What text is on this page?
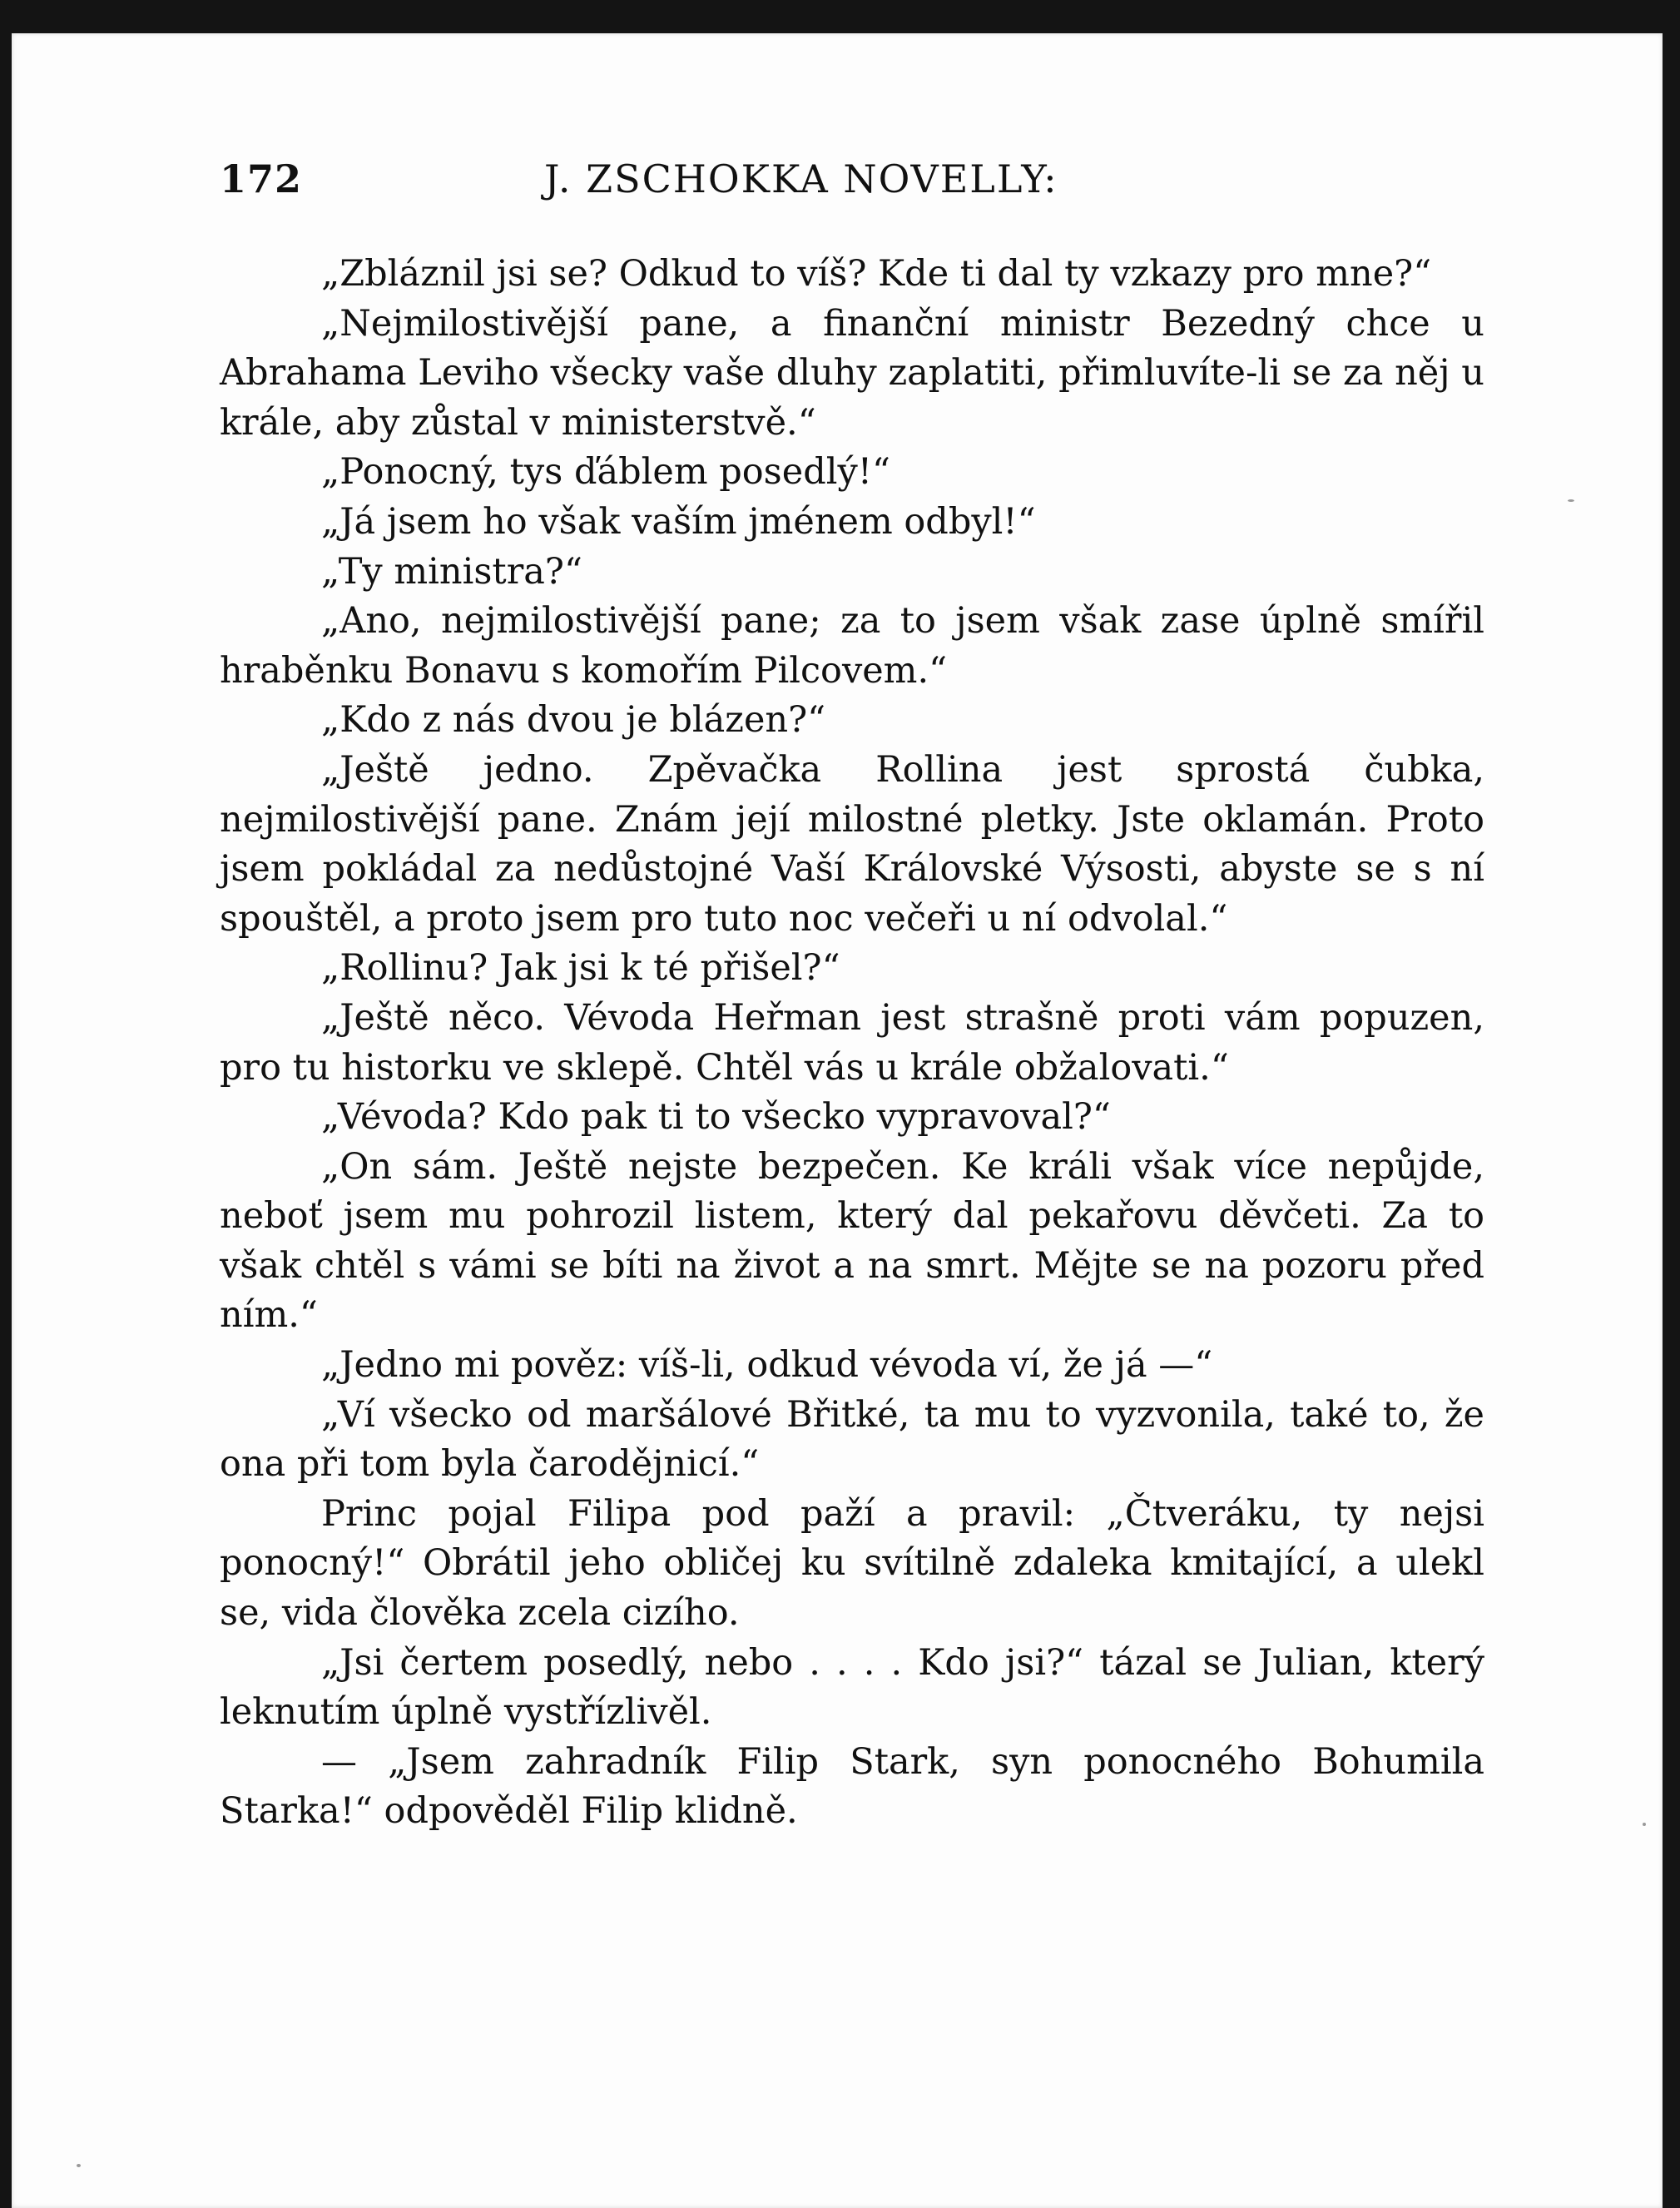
172	J. ZSCHOKKA NOVELLY:

„Zbláznil jsi se? Odkud to víš? Kde ti dal ty vzkazy pro mne?“

„Nejmilostivější pane, a finanční ministr Bezedný chce u Abrahama Leviho všecky vaše dluhy zaplatiti, přimluvíte-li se za něj u krále, aby zůstal v ministerstvě.“

„Ponocný, tys ďáblem posedlý!“

„Já jsem ho však vaším jménem odbyl!“

„Ty ministra?“

„Ano, nejmilostivější pane; za to jsem však zase úplně smířil hraběnku Bonavu s komořím Pilcovem.“

„Kdo z nás dvou je blázen?“

„Ještě jedno. Zpěvačka Rollina jest sprostá čubka, nejmilostivější pane. Znám její milostné pletky. Jste oklamán. Proto jsem pokládal za nedůstojné Vaší Královské Výsosti, abyste se s ní spouštěl, a proto jsem pro tuto noc večeři u ní odvolal.“

„Rollinu? Jak jsi k té přišel?“

„Ještě něco. Vévoda Heřman jest strašně proti vám popuzen, pro tu historku ve sklepě. Chtěl vás u krále obžalovati.“

„Vévoda? Kdo pak ti to všecko vypravoval?“

„On sám. Ještě nejste bezpečen. Ke králi však více nepůjde, neboť jsem mu pohrozil listem, který dal pekařovu děvčeti. Za to však chtěl s vámi se bíti na život a na smrt. Mějte se na pozoru před ním.“

„Jedno mi pověz: víš-li, odkud vévoda ví, že já —“

„Ví všecko od maršálové Břitké, ta mu to vyzvonila, také to, že ona při tom byla čarodějnicí.“

Princ pojal Filipa pod paží a pravil: „Čtveráku, ty nejsi ponocný!“ Obrátil jeho obličej ku svítilně zdaleka kmitající, a ulekl se, vida člověka zcela cizího.

„Jsi čertem posedlý, nebo . . . . Kdo jsi?“ tázal se Julian, který leknutím úplně vystřízlivěl.

— „Jsem zahradník Filip Stark, syn ponocného Bohumila Starka!“ odpověděl Filip klidně.
